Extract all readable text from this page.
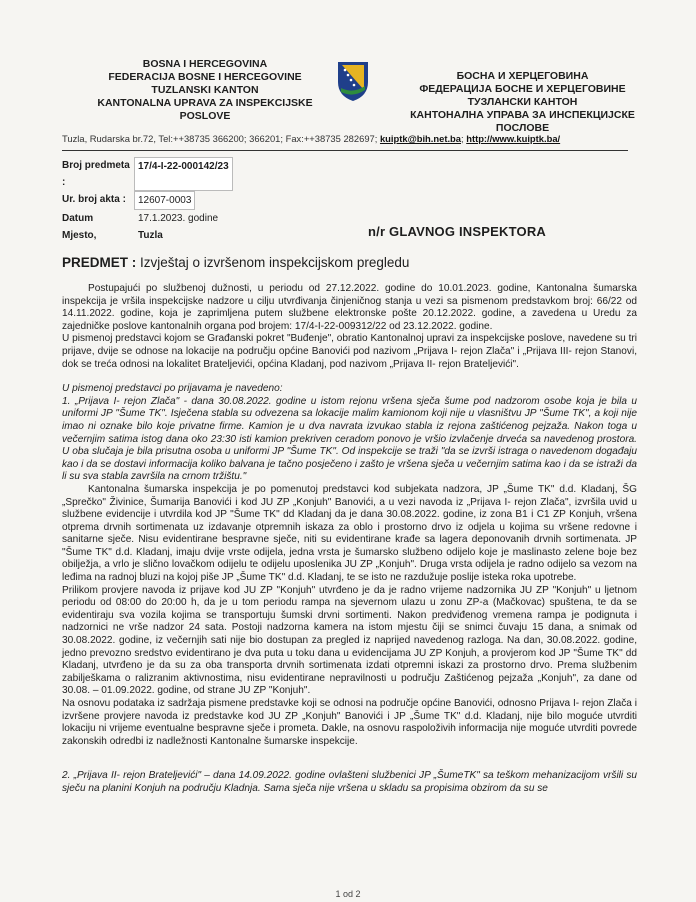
BOSNA I HERCEGOVINA
FEDERACIJA BOSNE I HERCEGOVINE
TUZLANSKI KANTON
KANTONALNA UPRAVA ZA INSPEKCIJSKE
POSLOVE
БОСНА И ХЕРЦЕГОВИНА
ФЕДЕРАЦИЈА БОСНЕ И ХЕРЦЕГОВИНЕ
ТУЗЛАНСКИ КАНТОН
КАНТОНАЛНА УПРАВА ЗА ИНСПЕКЦИЈСКЕ
ПОСЛОВЕ
Tuzla, Rudarska br.72, Tel:++38735 366200; 366201; Fax:++38735 282697; kuiptk@bih.net.ba; http://www.kuiptk.ba/
Broj predmeta :
17/4-I-22-000142/23
Ur. broj akta :	12607-0003
Datum	17.1.2023. godine
Mjesto,	Tuzla	n/r GLAVNOG INSPEKTORA
PREDMET : Izvještaj o izvršenom inspekcijskom pregledu

Postupajući po službenoj dužnosti, u periodu od 27.12.2022. godine do 10.01.2023. godine, Kantonalna šumarska inspekcija je vršila inspekcijske nadzore u cilju utvrđivanja činjeničnog stanja u vezi sa pismenom predstavkom broj: 66/22 od 14.11.2022. godine, koja je zaprimljena putem službene elektronske pošte 20.12.2022. godine, a zavedena u Uredu za zajedničke poslove kantonalnih organa pod brojem: 17/4-I-22-009312/22 od 23.12.2022. godine.

U pismenoj predstavci kojom se Građanski pokret "Buđenje", obratio Kantonalnoj upravi za inspekcijske poslove, navedene su tri prijave, dvije se odnose na lokacije na području općine Banovići pod nazivom „Prijava I- rejon Zlača" i „Prijava III- rejon Stanovi, dok se treća odnosi na lokalitet Brateljevići, općina Kladanj, pod nazivom „Prijava II- rejon Brateljevići".

U pismenoj predstavci po prijavama je navedeno:

1. „Prijava I- rejon Zlača" - dana 30.08.2022. godine u istom rejonu vršena sječa šume pod nadzorom osobe koja je bila u uniformi JP "Šume TK". Isječena stabla su odvezena sa lokacije malim kamionom koji nije u vlasništvu JP "Šume TK", a koji nije imao ni oznake bilo koje privatne firme. Kamion je u dva navrata izvukao stabla iz rejona zaštićenog pejzaža. Nakon toga u večernjim satima istog dana oko 23:30 isti kamion prekriven ceradom ponovo je vršio izvlačenje drveća sa navedenog prostora. U oba slučaja je bila prisutna osoba u uniformi JP "Šume TK". Od inspekcije se traži "da se izvrši istraga o navedenom događaju kao i da se dostavi informacija koliko balvana je tačno posječeno i zašto je vršena sječa u večernjim satima kao i da se istraži da li su sva stabla završila na crnom tržištu."

Kantonalna šumarska inspekcija je po pomenutoj predstavci kod subjekata nadzora, JP „Šume TK" d.d. Kladanj, ŠG „Sprečko" Živinice, Šumarija Banovići i kod JU ZP „Konjuh" Banovići, a u vezi navoda iz „Prijava I- rejon Zlača", izvršila uvid u službene evidencije i utvrdila kod JP "Šume TK" dd Kladanj da je dana 30.08.2022. godine, iz zona B1 i C1 ZP Konjuh, vršena otprema drvnih sortimenata uz izdavanje otpremnih iskaza za oblo i prostorno drvo iz odjela u kojima su vršene redovne i sanitarne sječe. Nisu evidentirane bespravne sječe, niti su evidentirane krađe sa lagera deponovanih drvnih sortimenata. JP "Šume TK" d.d. Kladanj, imaju dvije vrste odijela, jedna vrsta je šumarsko službeno odijelo koje je maslinasto zelene boje bez obilježja, a vrlo je slično lovačkom odijelu te odijelu uposlenika JU ZP „Konjuh". Druga vrsta odijela je radno odijelo sa vezom na leđima na radnoj bluzi na kojoj piše JP „Šume TK" d.d. Kladanj, te se isto ne razdužuje poslije isteka roka upotrebe.

Prilikom provjere navoda iz prijave kod JU ZP "Konjuh" utvrđeno je da je radno vrijeme nadzornika JU ZP "Konjuh" u ljetnom periodu od 08:00 do 20:00 h, da je u tom periodu rampa na sjevernom ulazu u zonu ZP-a (Mačkovac) spuštena, te da se evidentiraju sva vozila kojima se transportuju šumski drvni sortimenti. Nakon predviđenog vremena rampa je podignuta i nadzornici ne vrše nadzor 24 sata. Postoji nadzorna kamera na istom mjestu čiji se snimci čuvaju 15 dana, a snimak od 30.08.2022. godine, iz večernjih sati nije bio dostupan za pregled iz naprijed navedenog razloga. Na dan, 30.08.2022. godine, jedno prevozno sredstvo evidentirano je dva puta u toku dana u evidencijama JU ZP Konjuh, a provjerom kod JP "Šume TK" dd Kladanj, utvrđeno je da su za oba transporta drvnih sortimenata izdati otpremni iskazi za prostorno drvo. Prema službenim zabilješkama o ralizranim aktivnostima, nisu evidentirane nepravilnosti u području Zaštićenog pejzaža „Konjuh", za dane od 30.08. – 01.09.2022. godine, od strane JU ZP "Konjuh".

Na osnovu podataka iz sadržaja pismene predstavke koji se odnosi na područje općine Banovići, odnosno Prijava I- rejon Zlača i izvršene provjere navoda iz predstavke kod JU ZP „Konjuh" Banovići i JP „Šume TK" d.d. Kladanj, nije bilo moguće utvrditi lokaciju ni vrijeme eventualne bespravne sječe i prometa. Dakle, na osnovu raspoloživih informacija nije moguće utvrditi povrede zakonskih odredbi iz nadležnosti Kantonalne šumarske inspekcije.

2. „Prijava II- rejon Brateljevići" – dana 14.09.2022. godine ovlašteni službenici JP „ŠumeTK" sa teškom mehanizacijom vršili su sječu na planini Konjuh na području Kladnja. Sama sječa nije vršena u skladu sa propisima obzirom da su se

1 od 2
